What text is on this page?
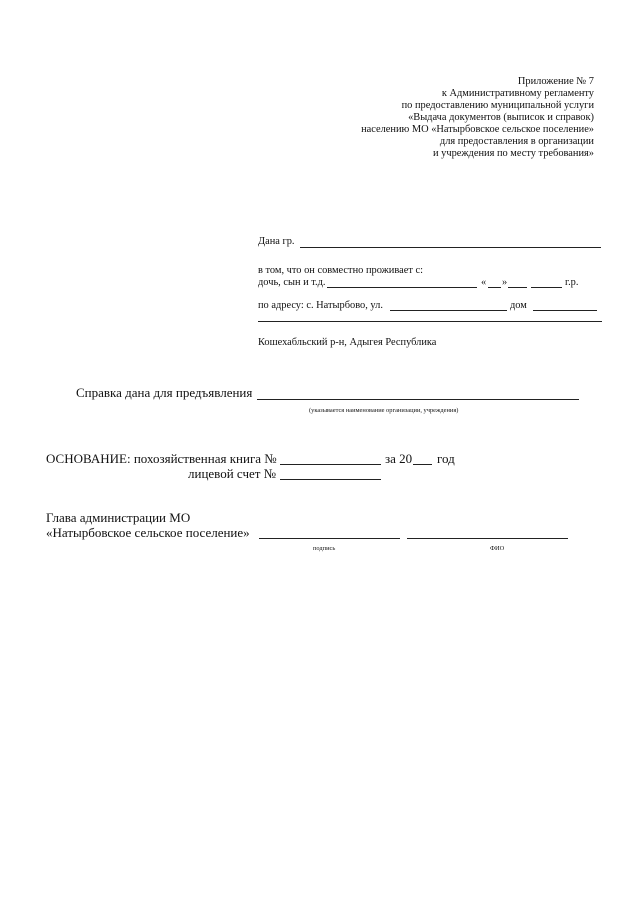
Приложение № 7
к Административному регламенту
по предоставлению муниципальной услуги
«Выдача документов (выписок и справок)
населению МО «Натырбовское сельское поселение»
для предоставления в организации
и учреждения по месту требования»
Дана гр.
в том, что он совместно проживает с:
дочь, сын и т.д.	« »	г.р.
по адресу: с. Натырбово, ул.	дом
Кошехабльский р-н, Адыгея Республика
Справка дана для предъявления
(указывается наименование организации, учреждения)
ОСНОВАНИЕ: похозяйственная книга №	за 20 год
лицевой счет №
Глава администрации МО
«Натырбовское сельское поселение»
подпись	ФИО
